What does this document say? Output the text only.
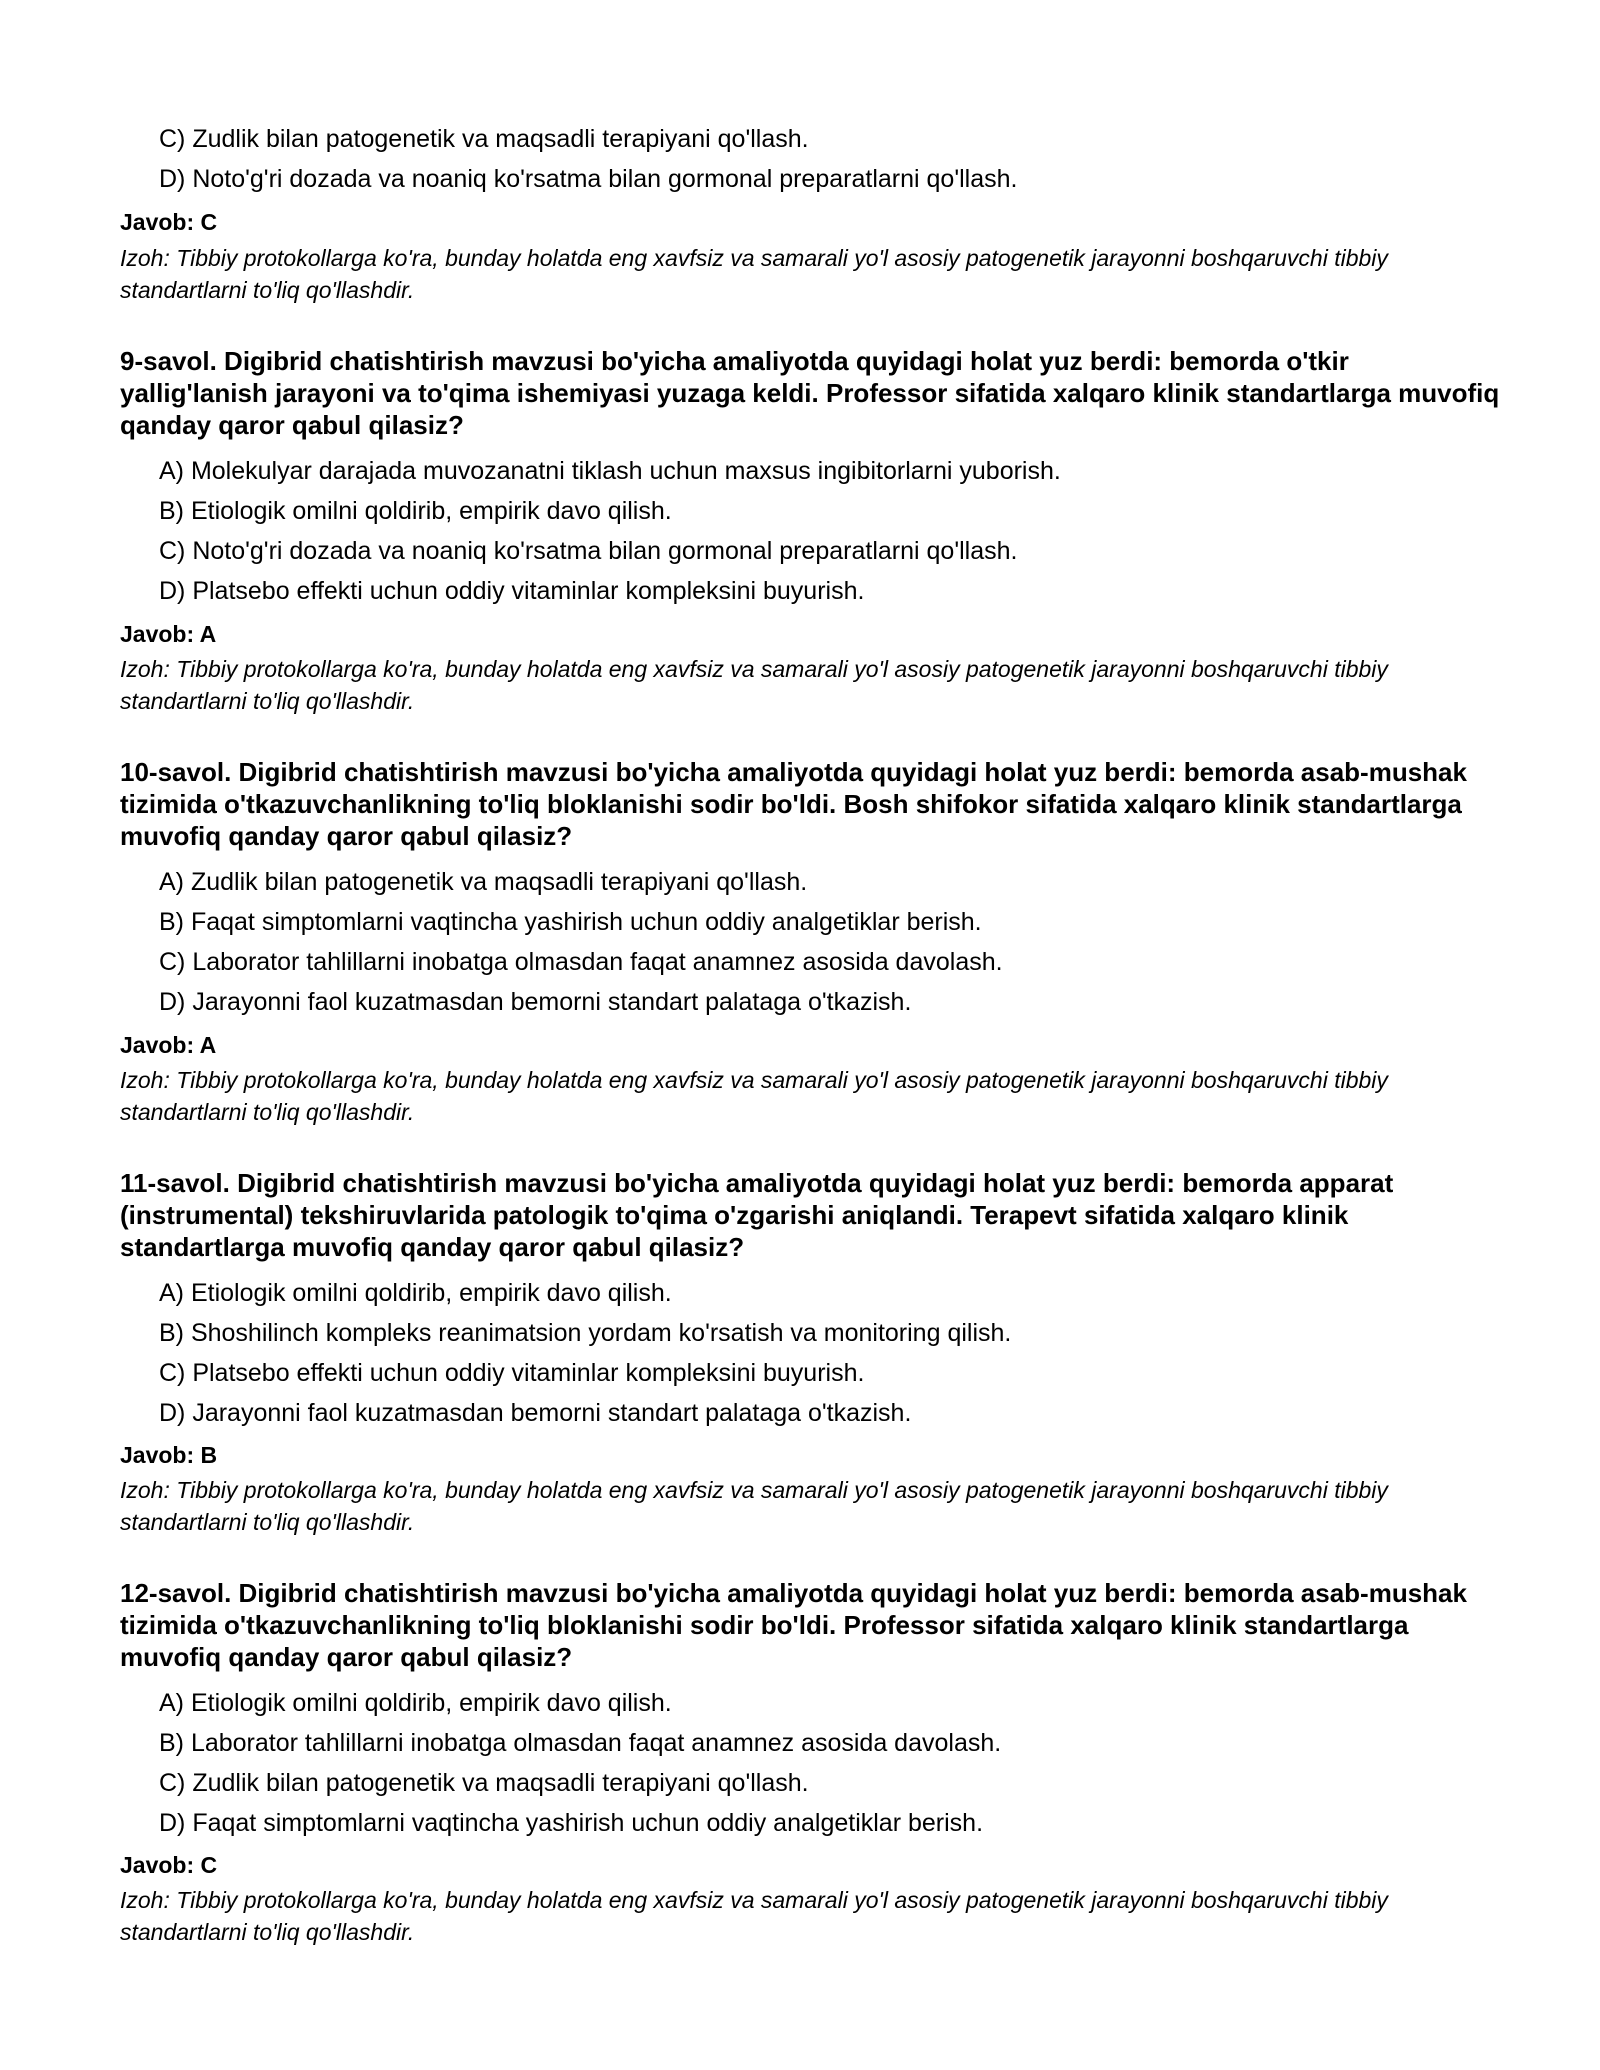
C) Zudlik bilan patogenetik va maqsadli terapiyani qo'llash.
D) Noto'g'ri dozada va noaniq ko'rsatma bilan gormonal preparatlarni qo'llash.
Javob: C
Izoh: Tibbiy protokollarga ko'ra, bunday holatda eng xavfsiz va samarali yo'l asosiy patogenetik jarayonni boshqaruvchi tibbiy standartlarni to'liq qo'llashdir.
9-savol. Digibrid chatishtirish mavzusi bo'yicha amaliyotda quyidagi holat yuz berdi: bemorda o'tkir yallig'lanish jarayoni va to'qima ishemiyasi yuzaga keldi. Professor sifatida xalqaro klinik standartlarga muvofiq qanday qaror qabul qilasiz?
A) Molekulyar darajada muvozanatni tiklash uchun maxsus ingibitorlarni yuborish.
B) Etiologik omilni qoldirib, empirik davo qilish.
C) Noto'g'ri dozada va noaniq ko'rsatma bilan gormonal preparatlarni qo'llash.
D) Platsebo effekti uchun oddiy vitaminlar kompleksini buyurish.
Javob: A
Izoh: Tibbiy protokollarga ko'ra, bunday holatda eng xavfsiz va samarali yo'l asosiy patogenetik jarayonni boshqaruvchi tibbiy standartlarni to'liq qo'llashdir.
10-savol. Digibrid chatishtirish mavzusi bo'yicha amaliyotda quyidagi holat yuz berdi: bemorda asab-mushak tizimida o'tkazuvchanlikning to'liq bloklanishi sodir bo'ldi. Bosh shifokor sifatida xalqaro klinik standartlarga muvofiq qanday qaror qabul qilasiz?
A) Zudlik bilan patogenetik va maqsadli terapiyani qo'llash.
B) Faqat simptomlarni vaqtincha yashirish uchun oddiy analgetiklar berish.
C) Laborator tahlillarni inobatga olmasdan faqat anamnez asosida davolash.
D) Jarayonni faol kuzatmasdan bemorni standart palataga o'tkazish.
Javob: A
Izoh: Tibbiy protokollarga ko'ra, bunday holatda eng xavfsiz va samarali yo'l asosiy patogenetik jarayonni boshqaruvchi tibbiy standartlarni to'liq qo'llashdir.
11-savol. Digibrid chatishtirish mavzusi bo'yicha amaliyotda quyidagi holat yuz berdi: bemorda apparat (instrumental) tekshiruvlarida patologik to'qima o'zgarishi aniqlandi. Terapevt sifatida xalqaro klinik standartlarga muvofiq qanday qaror qabul qilasiz?
A) Etiologik omilni qoldirib, empirik davo qilish.
B) Shoshilinch kompleks reanimatsion yordam ko'rsatish va monitoring qilish.
C) Platsebo effekti uchun oddiy vitaminlar kompleksini buyurish.
D) Jarayonni faol kuzatmasdan bemorni standart palataga o'tkazish.
Javob: B
Izoh: Tibbiy protokollarga ko'ra, bunday holatda eng xavfsiz va samarali yo'l asosiy patogenetik jarayonni boshqaruvchi tibbiy standartlarni to'liq qo'llashdir.
12-savol. Digibrid chatishtirish mavzusi bo'yicha amaliyotda quyidagi holat yuz berdi: bemorda asab-mushak tizimida o'tkazuvchanlikning to'liq bloklanishi sodir bo'ldi. Professor sifatida xalqaro klinik standartlarga muvofiq qanday qaror qabul qilasiz?
A) Etiologik omilni qoldirib, empirik davo qilish.
B) Laborator tahlillarni inobatga olmasdan faqat anamnez asosida davolash.
C) Zudlik bilan patogenetik va maqsadli terapiyani qo'llash.
D) Faqat simptomlarni vaqtincha yashirish uchun oddiy analgetiklar berish.
Javob: C
Izoh: Tibbiy protokollarga ko'ra, bunday holatda eng xavfsiz va samarali yo'l asosiy patogenetik jarayonni boshqaruvchi tibbiy standartlarni to'liq qo'llashdir.
